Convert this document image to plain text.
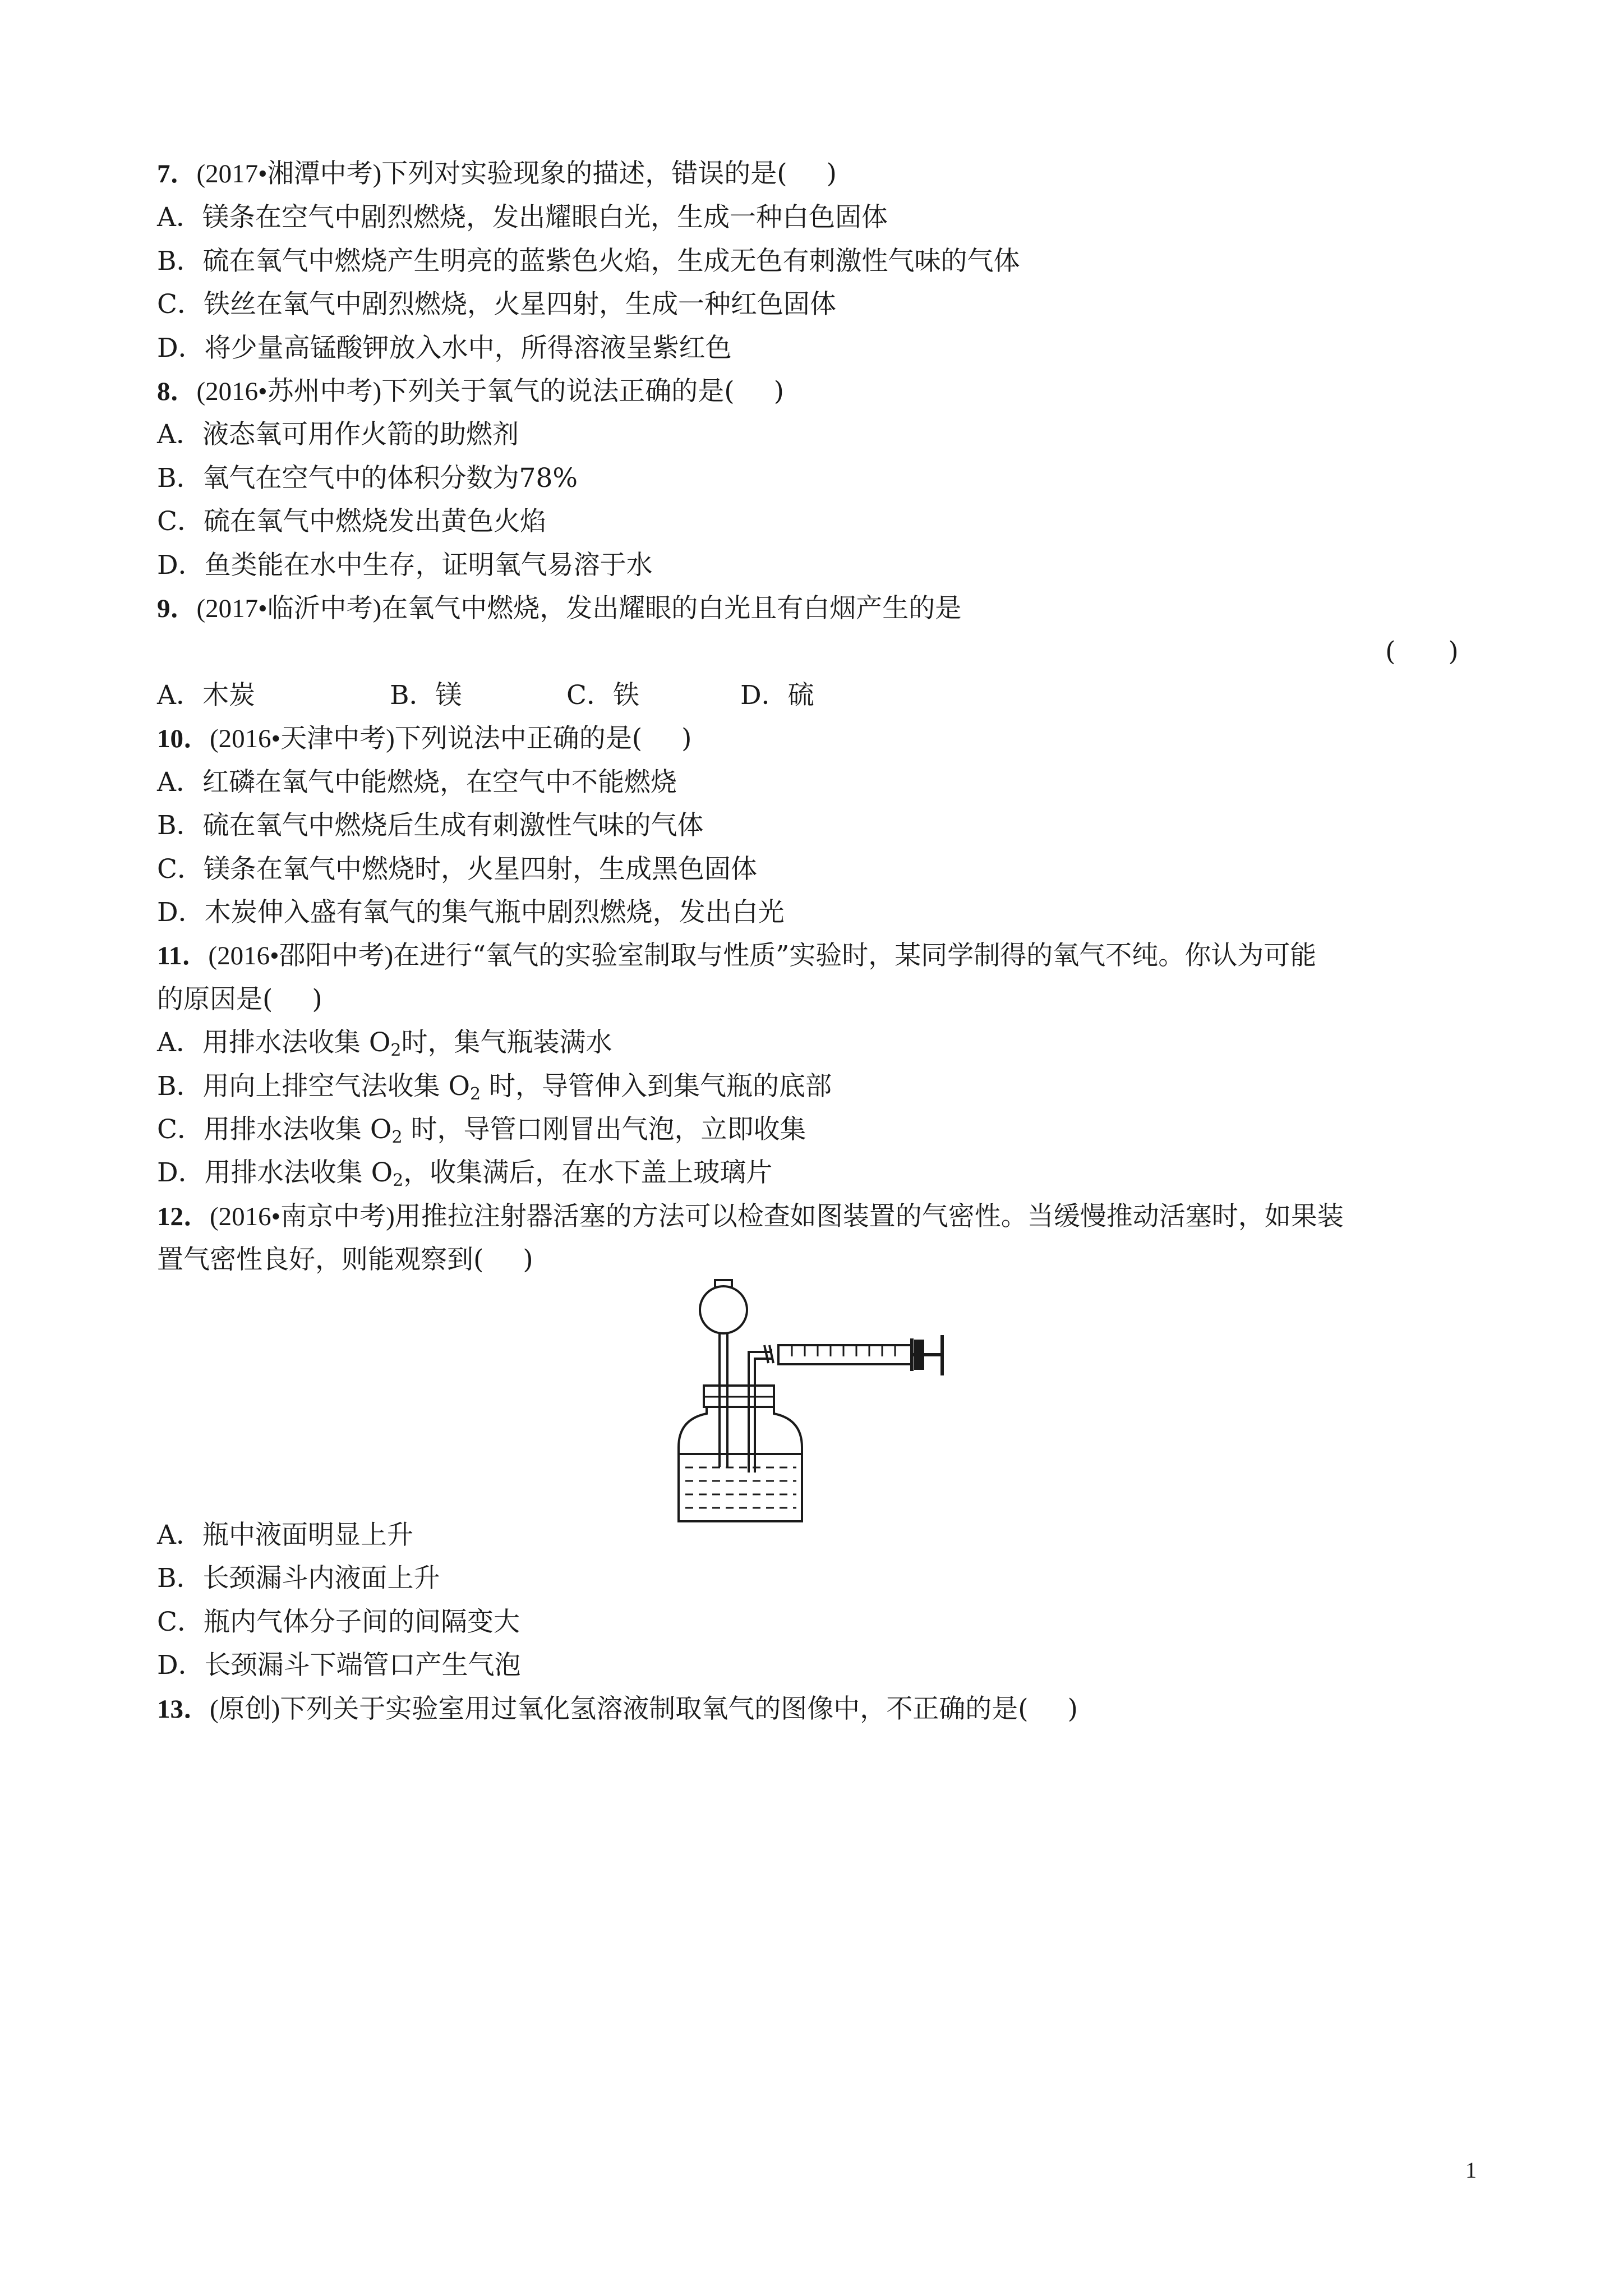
7．(2017•湘潭中考)下列对实验现象的描述，错误的是( )
A．镁条在空气中剧烈燃烧，发出耀眼白光，生成一种白色固体
B．硫在氧气中燃烧产生明亮的蓝紫色火焰，生成无色有刺激性气味的气体
C．铁丝在氧气中剧烈燃烧，火星四射，生成一种红色固体
D．将少量高锰酸钾放入水中，所得溶液呈紫红色
8．(2016•苏州中考)下列关于氧气的说法正确的是( )
A．液态氧可用作火箭的助燃剂
B．氧气在空气中的体积分数为78%
C．硫在氧气中燃烧发出黄色火焰
D．鱼类能在水中生存，证明氧气易溶于水
9．(2017•临沂中考)在氧气中燃烧，发出耀眼的白光且有白烟产生的是
(　　)
A．木炭	B．镁	C．铁	D．硫
10．(2016•天津中考)下列说法中正确的是( )
A．红磷在氧气中能燃烧，在空气中不能燃烧
B．硫在氧气中燃烧后生成有刺激性气味的气体
C．镁条在氧气中燃烧时，火星四射，生成黑色固体
D．木炭伸入盛有氧气的集气瓶中剧烈燃烧，发出白光
11．(2016•邵阳中考)在进行“氧气的实验室制取与性质”实验时，某同学制得的氧气不纯。你认为可能
的原因是( )
A．用排水法收集 $O_2$时，集气瓶装满水
B．用向上排空气法收集 $O_2$ 时，导管伸入到集气瓶的底部
C．用排水法收集 $O_2$ 时，导管口刚冒出气泡，立即收集
D．用排水法收集 $O_2$，收集满后，在水下盖上玻璃片
12．(2016•南京中考)用推拉注射器活塞的方法可以检查如图装置的气密性。当缓慢推动活塞时，如果装
置气密性良好，则能观察到( )
A．瓶中液面明显上升
B．长颈漏斗内液面上升
C．瓶内气体分子间的间隔变大
D．长颈漏斗下端管口产生气泡
13．(原创)下列关于实验室用过氧化氢溶液制取氧气的图像中，不正确的是( )
1
